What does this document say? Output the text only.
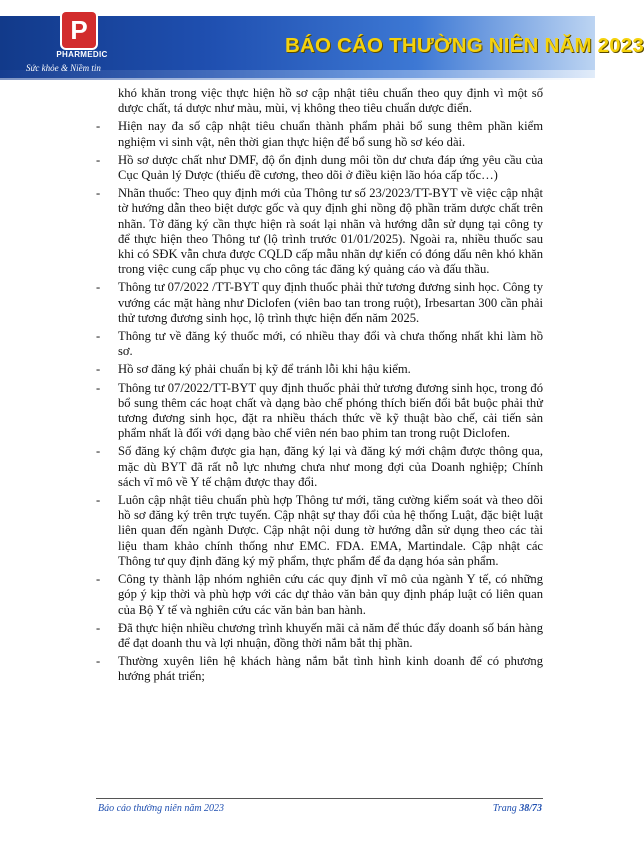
P
PHARMEDIC
Sức khỏe & Niềm tin
BÁO CÁO THƯỜNG NIÊN NĂM 2023
khó khăn trong việc thực hiện hồ sơ cập nhật tiêu chuẩn theo quy định vì một số dược chất, tá dược như màu, mùi, vị không theo tiêu chuẩn dược điển.
-	Hiện nay đa số cập nhật tiêu chuẩn thành phẩm phải bổ sung thêm phần kiểm nghiệm vi sinh vật, nên thời gian thực hiện để bổ sung hồ sơ kéo dài.
-	Hồ sơ dược chất như DMF, độ ổn định dung môi tồn dư chưa đáp ứng yêu cầu của Cục Quản lý Dược (thiếu đề cương, theo dõi ở điều kiện lão hóa cấp tốc…)
-	Nhãn thuốc: Theo quy định mới của Thông tư số 23/2023/TT-BYT về việc cập nhật tờ hướng dẫn theo biệt dược gốc và quy định ghi nồng độ phần trăm dược chất trên nhãn. Tờ đăng ký cần thực hiện rà soát lại nhãn và hướng dẫn sử dụng tại công ty để thực hiện theo Thông tư (lộ trình trước 01/01/2025). Ngoài ra, nhiều thuốc sau khi có SĐK vẫn chưa được CQLD cấp mẫu nhãn dự kiến có đóng dấu nên khó khăn trong việc cung cấp phục vụ cho công tác đăng ký quảng cáo và đấu thầu.
-	Thông tư 07/2022 /TT-BYT quy định thuốc phải thử tương đương sinh học. Công ty vướng các mặt hàng như Diclofen (viên bao tan trong ruột), Irbesartan 300 cần phải thử tương đương sinh học, lộ trình thực hiện đến năm 2025.
-	Thông tư về đăng ký thuốc mới, có nhiều thay đổi và chưa thống nhất khi làm hồ sơ.
-	Hồ sơ đăng ký phải chuẩn bị kỹ để tránh lỗi khi hậu kiểm.
-	Thông tư 07/2022/TT-BYT quy định thuốc phải thử tương đương sinh học, trong đó bổ sung thêm các hoạt chất và dạng bào chế phóng thích biến đổi bắt buộc phải thử tương đương sinh học, đặt ra nhiều thách thức về kỹ thuật bào chế, cải tiến sản phẩm nhất là đối với dạng bào chế viên nén bao phim tan trong ruột Diclofen.
-	Số đăng ký chậm được gia hạn, đăng ký lại và đăng ký mới chậm được thông qua, mặc dù BYT đã rất nỗ lực nhưng chưa như mong đợi của Doanh nghiệp; Chính sách vĩ mô về Y tế chậm được thay đổi.
-	Luôn cập nhật tiêu chuẩn phù hợp Thông tư mới, tăng cường kiểm soát và theo dõi hồ sơ đăng ký trên trực tuyến. Cập nhật sự thay đổi của hệ thống Luật, đặc biệt luật liên quan đến ngành Dược. Cập nhật nội dung tờ hướng dẫn sử dụng theo các tài liệu tham khảo chính thống như EMC. FDA. EMA, Martindale. Cập nhật các Thông tư quy định đăng ký mỹ phẩm, thực phẩm để đa dạng hóa sản phẩm.
-	Công ty thành lập nhóm nghiên cứu các quy định vĩ mô của ngành Y tế, có những góp ý kịp thời và phù hợp với các dự thảo văn bản quy định pháp luật có liên quan của Bộ Y tế và nghiên cứu các văn bản ban hành.
-	Đã thực hiện nhiều chương trình khuyến mãi cả năm để thúc đẩy doanh số bán hàng để đạt doanh thu và lợi nhuận, đồng thời nắm bắt thị phần.
-	Thường xuyên liên hệ khách hàng nắm bắt tình hình kinh doanh để có phương hướng phát triển;
Báo cáo thường niên năm 2023	Trang 38/73
